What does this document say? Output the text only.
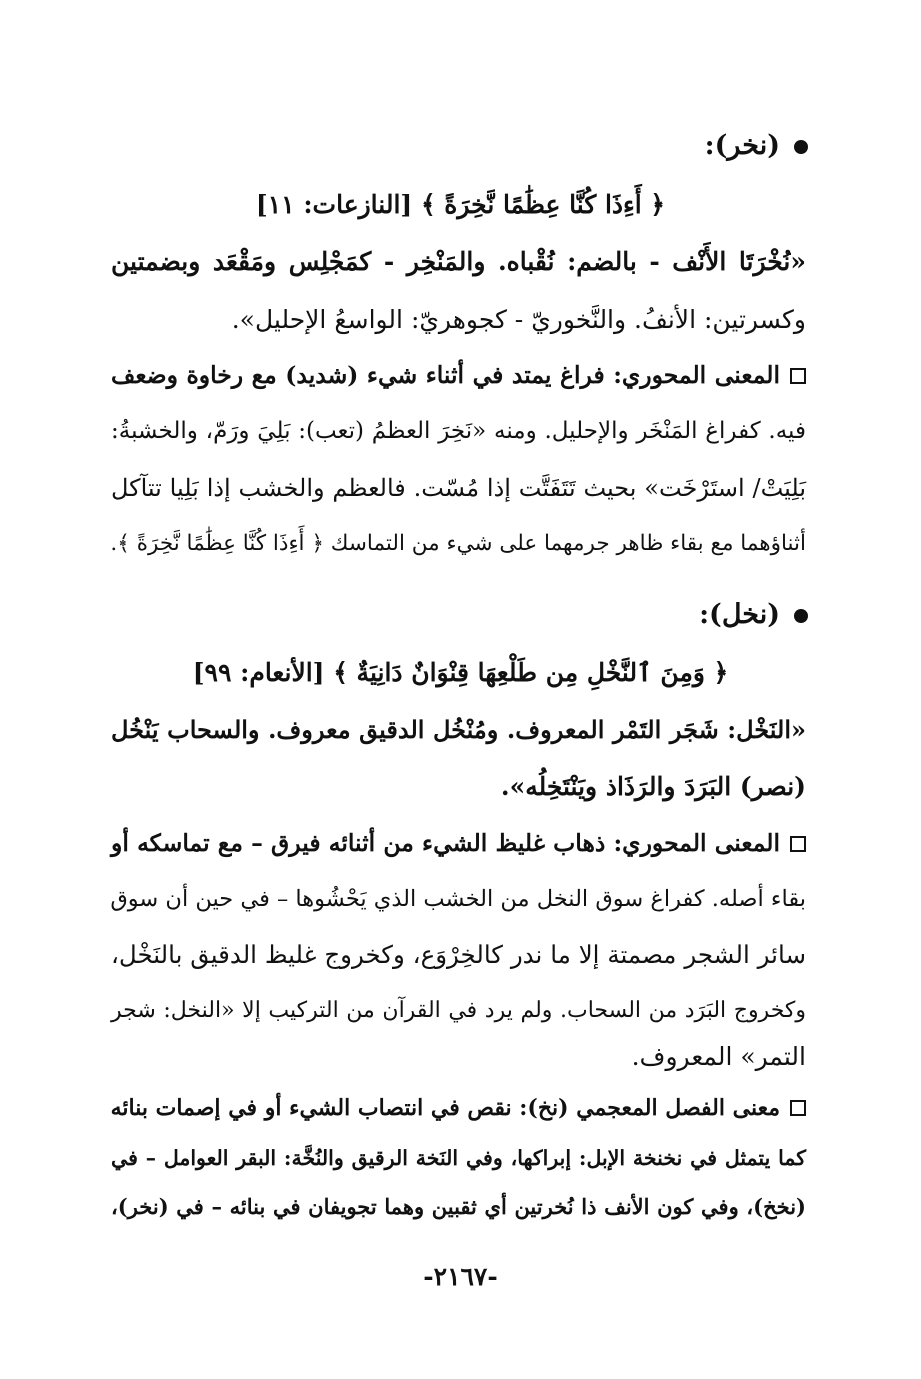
(نخر):
﴿ أَءِذَا كُنَّا عِظَٰمًا نَّخِرَةً ﴾ [النازعات: ١١]
«نُخْرَتَا الأَنْف - بالضم: نُقْباه. والمَنْخِر - كمَجْلِس ومَقْعَد وبضمتين
وكسرتين: الأنفُ. والنَّخوريّ - كجوهريّ: الواسعُ الإحليل».
المعنى المحوري: فراغ يمتد في أثناء شيء (شديد) مع رخاوة وضعف
فيه. كفراغ المَنْخَر والإحليل. ومنه «نَخِرَ العظمُ (تعب): بَلِيَ ورَمّ، والخشبةُ:
بَلِيَتْ/ استَرْخَت» بحيث تَتَفَتَّت إذا مُسّت. فالعظم والخشب إذا بَلِيا تتآكل
أثناؤهما مع بقاء ظاهر جرمهما على شيء من التماسك ﴿ أَءِذَا كُنَّا عِظَٰمًا نَّخِرَةً ﴾.
(نخل):
﴿ وَمِنَ ٱلنَّخْلِ مِن طَلْعِهَا قِنْوَانٌ دَانِيَةٌ ﴾ [الأنعام: ٩٩]
«النَخْل: شَجَر التَمْر المعروف. ومُنْخُل الدقيق معروف. والسحاب يَنْخُل
(نصر) البَرَدَ والرَذَاذ ويَنْتَخِلُه».
المعنى المحوري: ذهاب غليظ الشيء من أثنائه فيرق – مع تماسكه أو
بقاء أصله. كفراغ سوق النخل من الخشب الذي يَحْشُوها – في حين أن سوق
سائر الشجر مصمتة إلا ما ندر كالخِرْوَع، وكخروج غليظ الدقيق بالنَخْل،
وكخروج البَرَد من السحاب. ولم يرد في القرآن من التركيب إلا «النخل: شجر
التمر» المعروف.
معنى الفصل المعجمي (نخ): نقص في انتصاب الشيء أو في إصمات بنائه
كما يتمثل في نخنخة الإبل: إبراكها، وفي النَخة الرقيق والنُخَّة: البقر العوامل – في
(نخخ)، وفي كون الأنف ذا نُخرتين أي ثقبين وهما تجويفان في بنائه – في (نخر)،
-٢١٦٧-
